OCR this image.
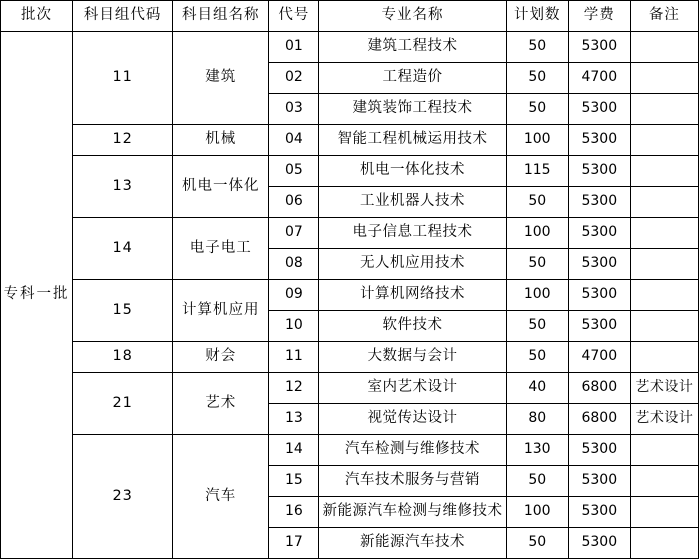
批次	科目组代码	科目组名称	代号	专业名称	计划数	学费	备注
专科一批	11	建筑	01	建筑工程技术	50	5300	
			02	工程造价	50	4700	
			03	建筑装饰工程技术	50	5300	
	12	机械	04	智能工程机械运用技术	100	5300	
	13	机电一体化	05	机电一体化技术	115	5300	
			06	工业机器人技术	50	5300	
	14	电子电工	07	电子信息工程技术	100	5300	
			08	无人机应用技术	50	5300	
	15	计算机应用	09	计算机网络技术	100	5300	
			10	软件技术	50	5300	
	18	财会	11	大数据与会计	50	4700	
	21	艺术	12	室内艺术设计	40	6800	艺术设计
			13	视觉传达设计	80	6800	艺术设计
	23	汽车	14	汽车检测与维修技术	130	5300	
			15	汽车技术服务与营销	50	5300	
			16	新能源汽车检测与维修技术	100	5300	
			17	新能源汽车技术	50	5300	
